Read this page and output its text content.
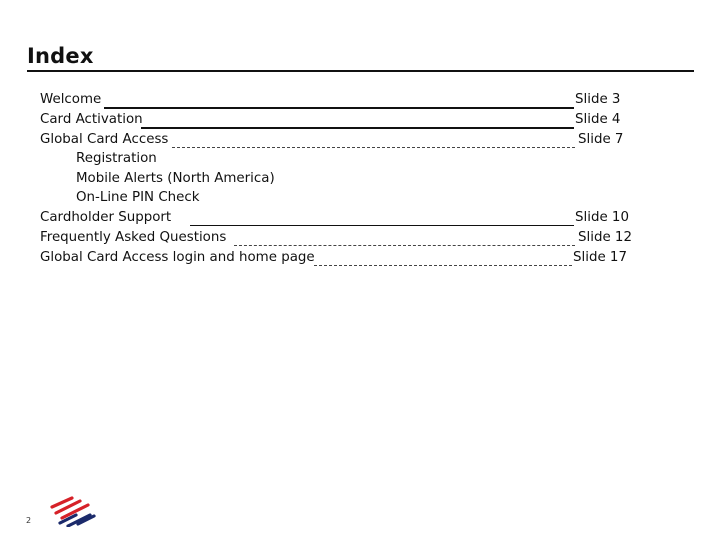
Index
Welcome	Slide 3
Card Activation	Slide 4
Global Card Access	Slide 7
Registration
Mobile Alerts (North America)
On-Line PIN Check
Cardholder Support	Slide 10
Frequently Asked Questions	Slide 12
Global Card Access login and home page	Slide 17
2
